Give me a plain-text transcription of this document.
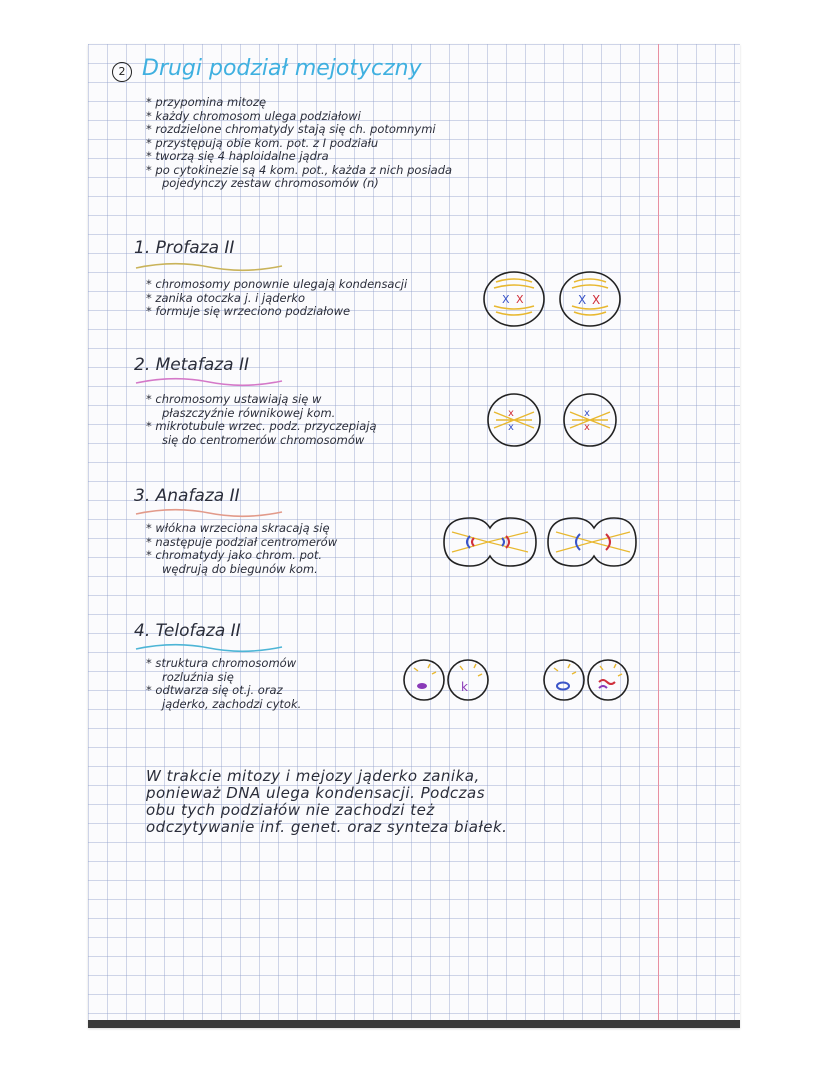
2 Drugi podział mejotyczny
* przypomina mitozę
* każdy chromosom ulega podziałowi
* rozdzielone chromatydy stają się ch. potomnymi
* przystępują obie kom. pot. z I podziału
* tworzą się 4 haploidalne jądra
* po cytokinezie są 4 kom. pot., każda z nich posiada
pojedynczy zestaw chromosomów (n)
1. Profaza II
* chromosomy ponownie ulegają kondensacji
* zanika otoczka j. i jąderko
* formuje się wrzeciono podziałowe
X X	X X
2. Metafaza II
* chromosomy ustawiają się w
płaszczyźnie równikowej kom.
* mikrotubule wrzec. podz. przyczepiają
się do centromerów chromosomów
x
x
x
x
3. Anafaza II
* włókna wrzeciona skracają się
* następuje podział centromerów
* chromatydy jako chrom. pot.
wędrują do biegunów kom.
4. Telofaza II
* struktura chromosomów
rozluźnia się
* odtwarza się ot.j. oraz
jąderko, zachodzi cytok.
k
W trakcie mitozy i mejozy jąderko zanika,
ponieważ DNA ulega kondensacji. Podczas
obu tych podziałów nie zachodzi też
odczytywanie inf. genet. oraz synteza białek.
